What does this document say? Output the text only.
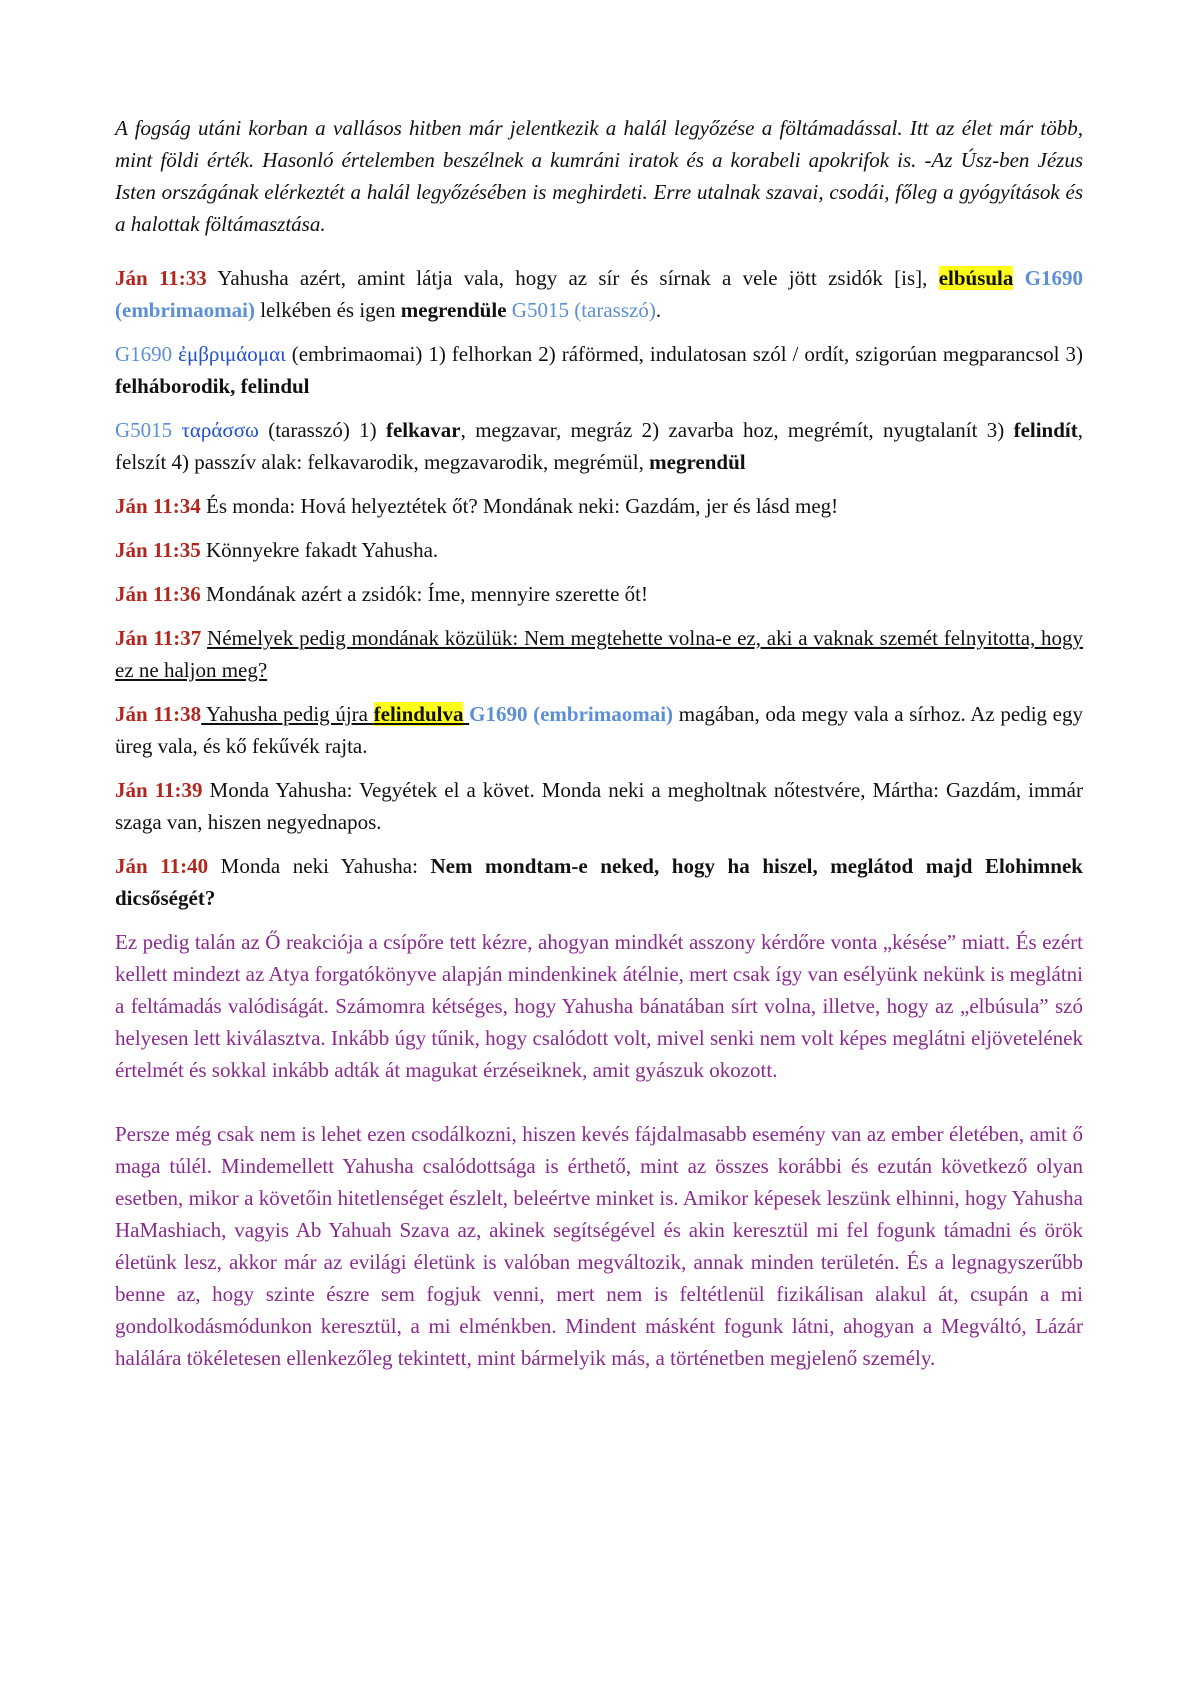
A fogság utáni korban a vallásos hitben már jelentkezik a halál legyőzése a föltámadással. Itt az élet már több, mint földi érték. Hasonló értelemben beszélnek a kumráni iratok és a korabeli apokrifok is. -Az Úsz-ben Jézus Isten országának elérkeztét a halál legyőzésében is meghirdeti. Erre utalnak szavai, csodái, főleg a gyógyítások és a halottak föltámasztása.

Ján 11:33 Yahusha azért, amint látja vala, hogy az sír és sírnak a vele jött zsidók [is], elbúsula G1690 (embrimaomai) lelkében és igen megrendüle G5015 (tarasszó).

G1690 ἐμβριμάομαι (embrimaomai) 1) felhorkan 2) ráförmed, indulatosan szól / ordít, szigorúan megparancsol 3) felháborodik, felindul

G5015 ταράσσω (tarasszó) 1) felkavar, megzavar, megráz 2) zavarba hoz, megrémít, nyugtalanít 3) felindít, felszít 4) passzív alak: felkavarodik, megzavarodik, megrémül, megrendül

Ján 11:34 És monda: Hová helyeztétek őt? Mondának neki: Gazdám, jer és lásd meg!

Ján 11:35 Könnyekre fakadt Yahusha.

Ján 11:36 Mondának azért a zsidók: Íme, mennyire szerette őt!

Ján 11:37 Némelyek pedig mondának közülük: Nem megtehette volna-e ez, aki a vaknak szemét felnyitotta, hogy ez ne haljon meg?

Ján 11:38 Yahusha pedig újra felindulva G1690 (embrimaomai) magában, oda megy vala a sírhoz. Az pedig egy üreg vala, és kő fekűvék rajta.

Ján 11:39 Monda Yahusha: Vegyétek el a követ. Monda neki a megholtnak nőtestvére, Mártha: Gazdám, immár szaga van, hiszen negyednapos.

Ján 11:40 Monda neki Yahusha: Nem mondtam-e neked, hogy ha hiszel, meglátod majd Elohimnek dicsőségét?

Ez pedig talán az Ő reakciója a csípőre tett kézre, ahogyan mindkét asszony kérdőre vonta „késése” miatt. És ezért kellett mindezt az Atya forgatókönyve alapján mindenkinek átélnie, mert csak így van esélyünk nekünk is meglátni a feltámadás valódiságát. Számomra kétséges, hogy Yahusha bánatában sírt volna, illetve, hogy az „elbúsula” szó helyesen lett kiválasztva. Inkább úgy tűnik, hogy csalódott volt, mivel senki nem volt képes meglátni eljövetelének értelmét és sokkal inkább adták át magukat érzéseiknek, amit gyászuk okozott.

Persze még csak nem is lehet ezen csodálkozni, hiszen kevés fájdalmasabb esemény van az ember életében, amit ő maga túlél. Mindemellett Yahusha csalódottsága is érthető, mint az összes korábbi és ezután következő olyan esetben, mikor a követőin hitetlenséget észlelt, beleértve minket is. Amikor képesek leszünk elhinni, hogy Yahusha HaMashiach, vagyis Ab Yahuah Szava az, akinek segítségével és akin keresztül mi fel fogunk támadni és örök életünk lesz, akkor már az evilági életünk is valóban megváltozik, annak minden területén. És a legnagyszerűbb benne az, hogy szinte észre sem fogjuk venni, mert nem is feltétlenül fizikálisan alakul át, csupán a mi gondolkodásmódunkon keresztül, a mi elménkben. Mindent másként fogunk látni, ahogyan a Megváltó, Lázár halálára tökéletesen ellenkezőleg tekintett, mint bármelyik más, a történetben megjelenő személy.
